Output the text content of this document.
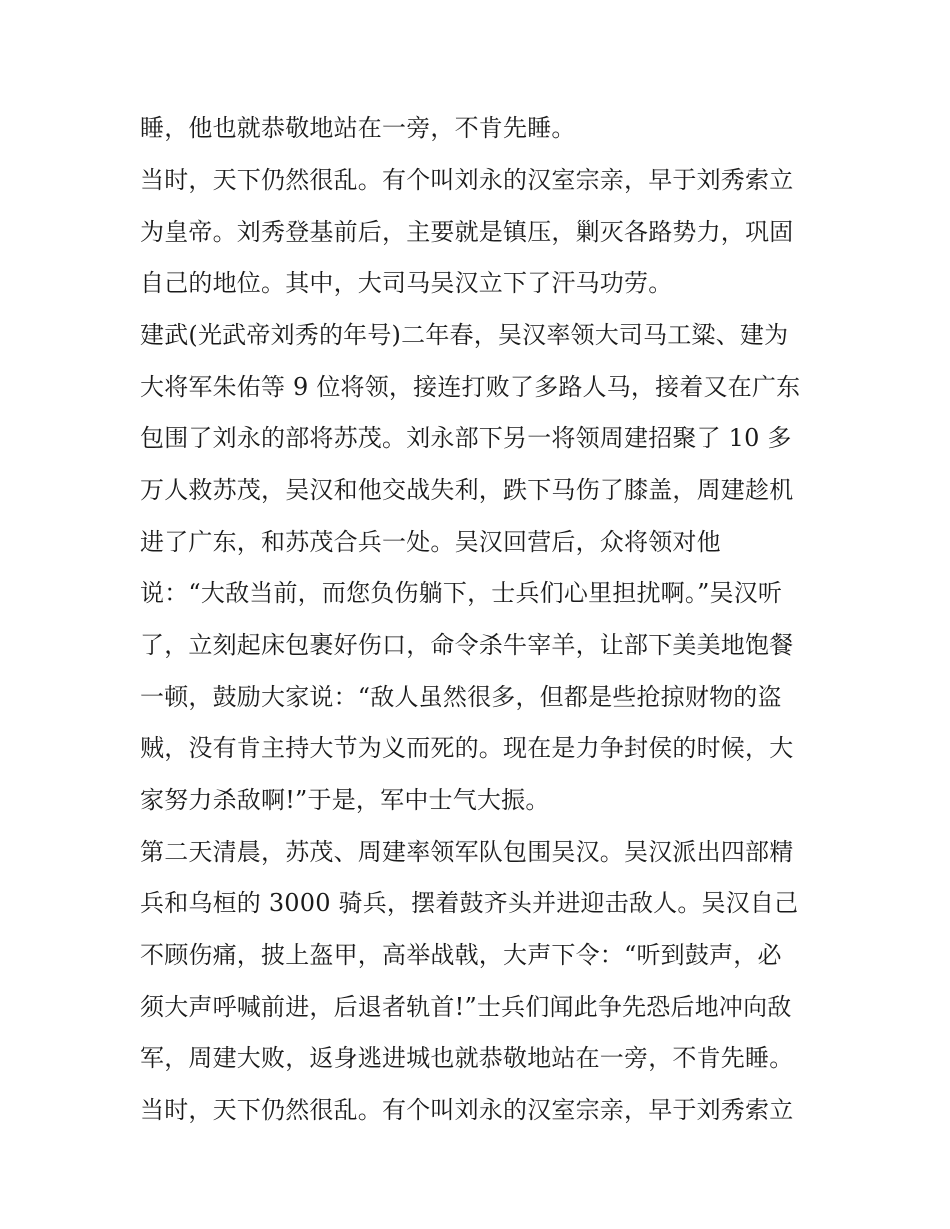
睡，他也就恭敬地站在一旁，不肯先睡。
当时，天下仍然很乱。有个叫刘永的汉室宗亲，早于刘秀索立
为皇帝。刘秀登基前后，主要就是镇压，剿灭各路势力，巩固
自己的地位。其中，大司马吴汉立下了汗马功劳。
建武(光武帝刘秀的年号)二年春，吴汉率领大司马工粱、建为
大将军朱佑等 9 位将领，接连打败了多路人马，接着又在广东
包围了刘永的部将苏茂。刘永部下另一将领周建招聚了 10 多
万人救苏茂，吴汉和他交战失利，跌下马伤了膝盖，周建趁机
进了广东，和苏茂合兵一处。吴汉回营后，众将领对他
说：“大敌当前，而您负伤躺下，士兵们心里担扰啊。”吴汉听
了，立刻起床包裹好伤口，命令杀牛宰羊，让部下美美地饱餐
一顿，鼓励大家说：“敌人虽然很多，但都是些抢掠财物的盗
贼，没有肯主持大节为义而死的。现在是力争封侯的时候，大
家努力杀敌啊!”于是，军中士气大振。
第二天清晨，苏茂、周建率领军队包围吴汉。吴汉派出四部精
兵和乌桓的 3000 骑兵，摆着鼓齐头并进迎击敌人。吴汉自己
不顾伤痛，披上盔甲，高举战戟，大声下令：“听到鼓声，必
须大声呼喊前进，后退者轨首!”士兵们闻此争先恐后地冲向敌
军，周建大败，返身逃进城也就恭敬地站在一旁，不肯先睡。
当时，天下仍然很乱。有个叫刘永的汉室宗亲，早于刘秀索立
